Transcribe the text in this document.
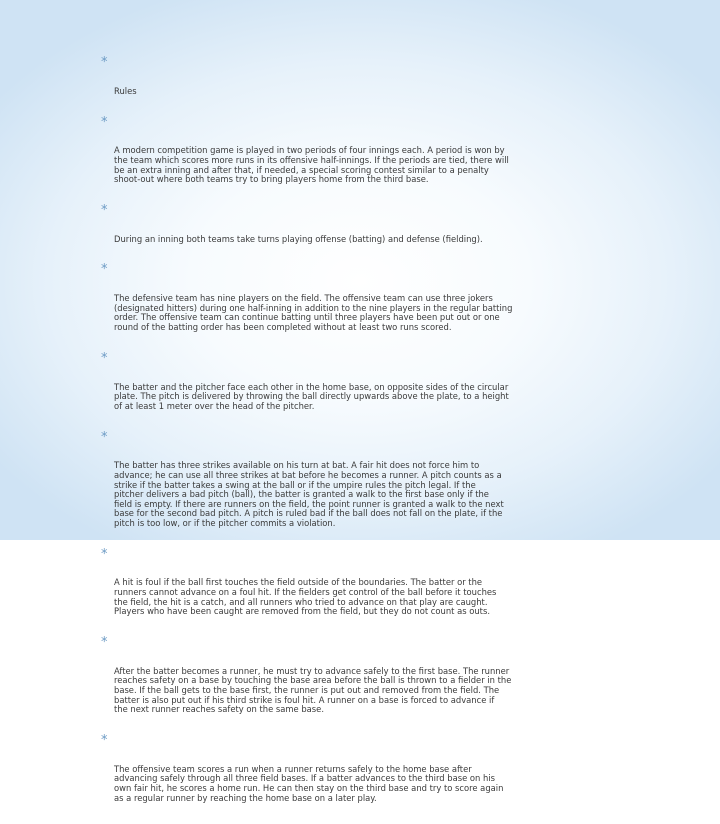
*

Rules

*

A modern competition game is played in two periods of four innings each. A period is won by
the team which scores more runs in its offensive half-innings. If the periods are tied, there will
be an extra inning and after that, if needed, a special scoring contest similar to a penalty
shoot-out where both teams try to bring players home from the third base.

*

During an inning both teams take turns playing offense (batting) and defense (fielding).

*

The defensive team has nine players on the field. The offensive team can use three jokers
(designated hitters) during one half-inning in addition to the nine players in the regular batting
order. The offensive team can continue batting until three players have been put out or one
round of the batting order has been completed without at least two runs scored.

*

The batter and the pitcher face each other in the home base, on opposite sides of the circular
plate. The pitch is delivered by throwing the ball directly upwards above the plate, to a height
of at least 1 meter over the head of the pitcher.

*

The batter has three strikes available on his turn at bat. A fair hit does not force him to
advance; he can use all three strikes at bat before he becomes a runner. A pitch counts as a
strike if the batter takes a swing at the ball or if the umpire rules the pitch legal. If the
pitcher delivers a bad pitch (ball), the batter is granted a walk to the first base only if the
field is empty. If there are runners on the field, the point runner is granted a walk to the next
base for the second bad pitch. A pitch is ruled bad if the ball does not fall on the plate, if the
pitch is too low, or if the pitcher commits a violation.

*

A hit is foul if the ball first touches the field outside of the boundaries. The batter or the
runners cannot advance on a foul hit. If the fielders get control of the ball before it touches
the field, the hit is a catch, and all runners who tried to advance on that play are caught.
Players who have been caught are removed from the field, but they do not count as outs.

*

After the batter becomes a runner, he must try to advance safely to the first base. The runner
reaches safety on a base by touching the base area before the ball is thrown to a fielder in the
base. If the ball gets to the base first, the runner is put out and removed from the field. The
batter is also put out if his third strike is foul hit. A runner on a base is forced to advance if
the next runner reaches safety on the same base.

*

The offensive team scores a run when a runner returns safely to the home base after
advancing safely through all three field bases. If a batter advances to the third base on his
own fair hit, he scores a home run. He can then stay on the third base and try to score again
as a regular runner by reaching the home base on a later play.
